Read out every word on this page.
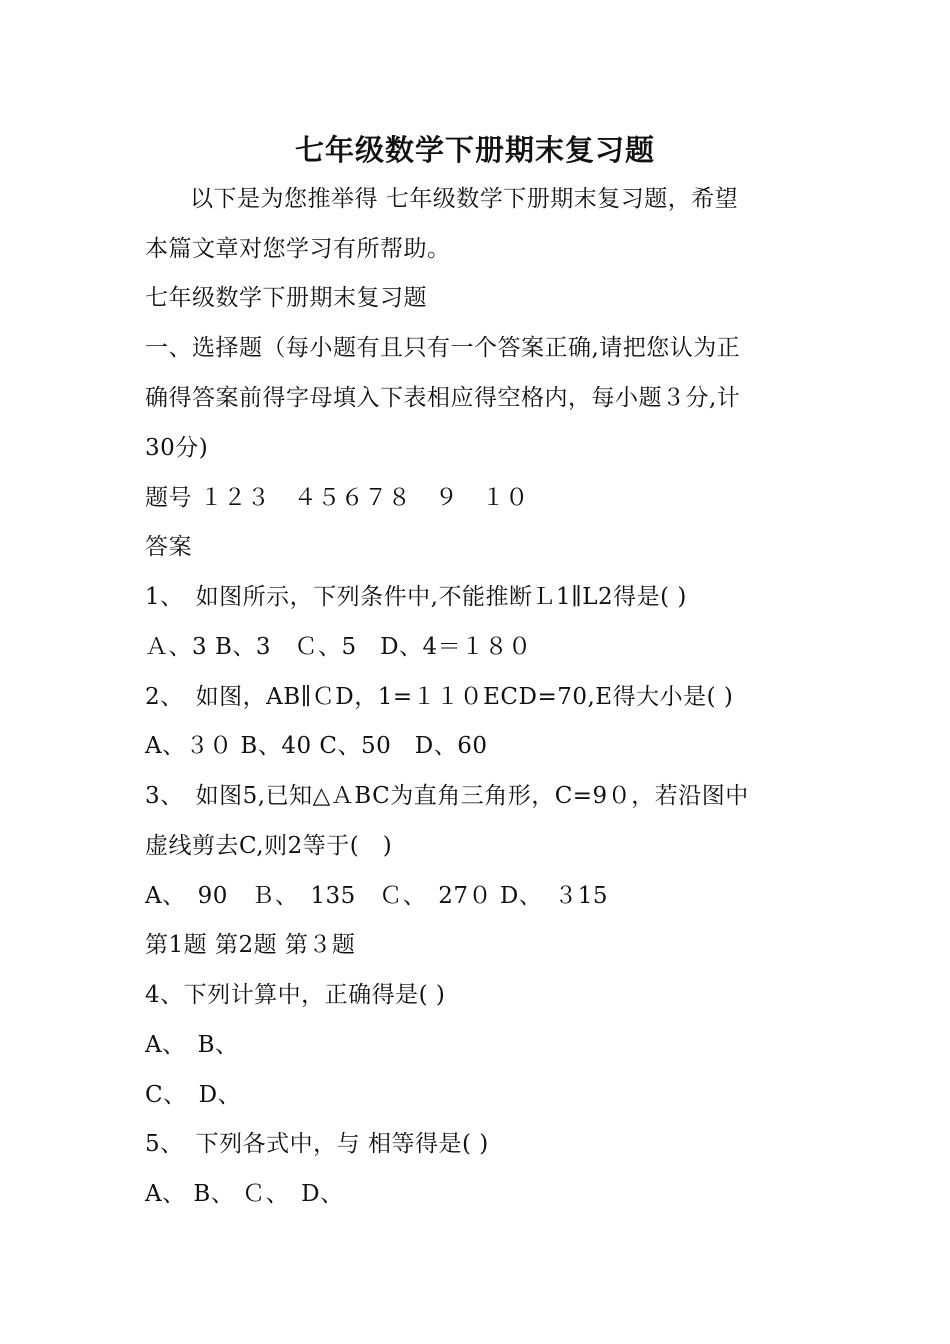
七年级数学下册期末复习题
以下是为您推举得 七年级数学下册期末复习题，希望
本篇文章对您学习有所帮助。
七年级数学下册期末复习题
一、选择题（每小题有且只有一个答案正确,请把您认为正
确得答案前得字母填入下表相应得空格内，每小题３分,计
30分)
题号 １２３　４５６７８　９　１０
答案
1、　如图所示，下列条件中,不能推断Ｌ1∥L2得是( )
Ａ、3 B、3　Ｃ、5　D、4＝１８０
2、　如图，AB∥ＣD，1=１１０ECD=70,E得大小是( )
A、３０ B、40 C、50　D、60
3、　如图5,已知△ＡBC为直角三角形，C=9０，若沿图中
虚线剪去C,则2等于(　)
A、　90　Ｂ、　135　Ｃ、　27０ D、　３15
第1题 第2题 第３题
4、下列计算中，正确得是( )
A、　B、
C、　D、
5、　下列各式中，与 相等得是( )
A、 B、 Ｃ、　D、
